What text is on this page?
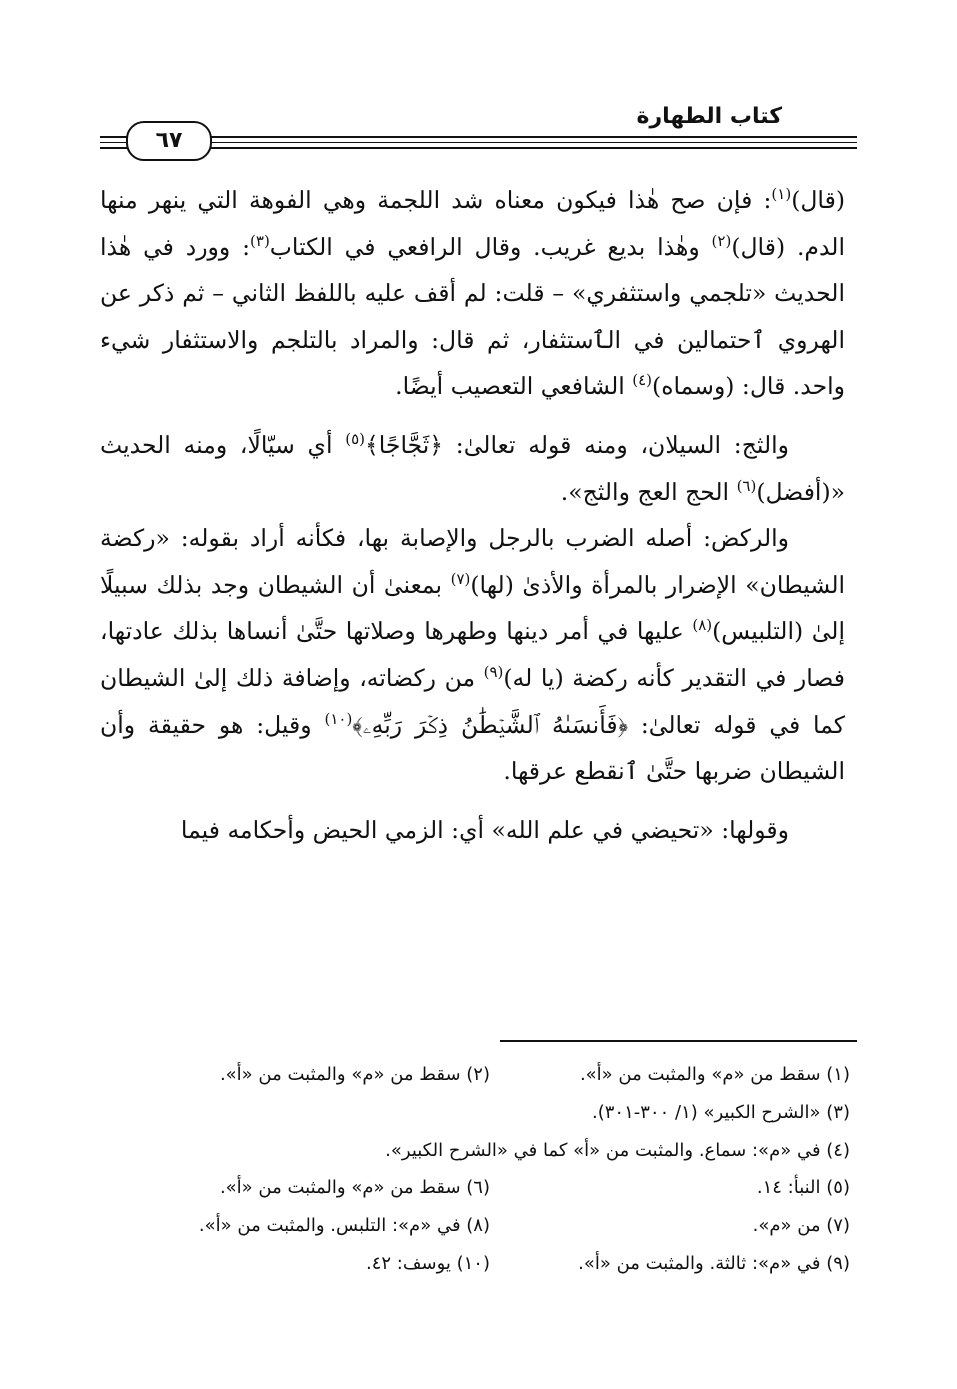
كتاب الطهارة
٦٧

(قال)$^{(١)}$: فإن صح هٰذا فيكون معناه شد اللجمة وهي الفوهة التي ينهر منها الدم. (قال)$^{(٢)}$ وهٰذا بديع غريب. وقال الرافعي في الكتاب$^{(٣)}$: وورد في هٰذا الحديث «تلجمي واستثفري» – قلت: لم أقف عليه باللفظ الثاني – ثم ذكر عن الهروي ٱحتمالين في الٱستثفار، ثم قال: والمراد بالتلجم والاستثفار شيء واحد. قال: (وسماه)$^{(٤)}$ الشافعي التعصيب أيضًا.

والثج: السيلان، ومنه قوله تعالىٰ: ﴿ثَجَّاجًا﴾$^{(٥)}$ أي سيّالًا، ومنه الحديث «(أفضل)$^{(٦)}$ الحج العج والثج».

والركض: أصله الضرب بالرجل والإصابة بها، فكأنه أراد بقوله: «ركضة الشيطان» الإضرار بالمرأة والأذىٰ (لها)$^{(٧)}$ بمعنىٰ أن الشيطان وجد بذلك سبيلًا إلىٰ (التلبيس)$^{(٨)}$ عليها في أمر دينها وطهرها وصلاتها حتَّىٰ أنساها بذلك عادتها، فصار في التقدير كأنه ركضة (يا له)$^{(٩)}$ من ركضاته، وإضافة ذلك إلىٰ الشيطان كما في قوله تعالىٰ: ﴿فَأَنسَىٰهُ ٱلشَّيۡطَٰنُ ذِكۡرَ رَبِّهِۦ﴾$^{(١٠)}$ وقيل: هو حقيقة وأن الشيطان ضربها حتَّىٰ ٱنقطع عرقها.

وقولها: «تحيضي في علم الله» أي: الزمي الحيض وأحكامه فيما

(١) سقط من «م» والمثبت من «أ».
(٢) سقط من «م» والمثبت من «أ».
(٣) «الشرح الكبير» (١/ ٣٠٠-٣٠١).
(٤) في «م»: سماع. والمثبت من «أ» كما في «الشرح الكبير».
(٥) النبأ: ١٤.
(٦) سقط من «م» والمثبت من «أ».
(٧) من «م».
(٨) في «م»: التلبس. والمثبت من «أ».
(٩) في «م»: ثالثة. والمثبت من «أ».
(١٠) يوسف: ٤٢.
